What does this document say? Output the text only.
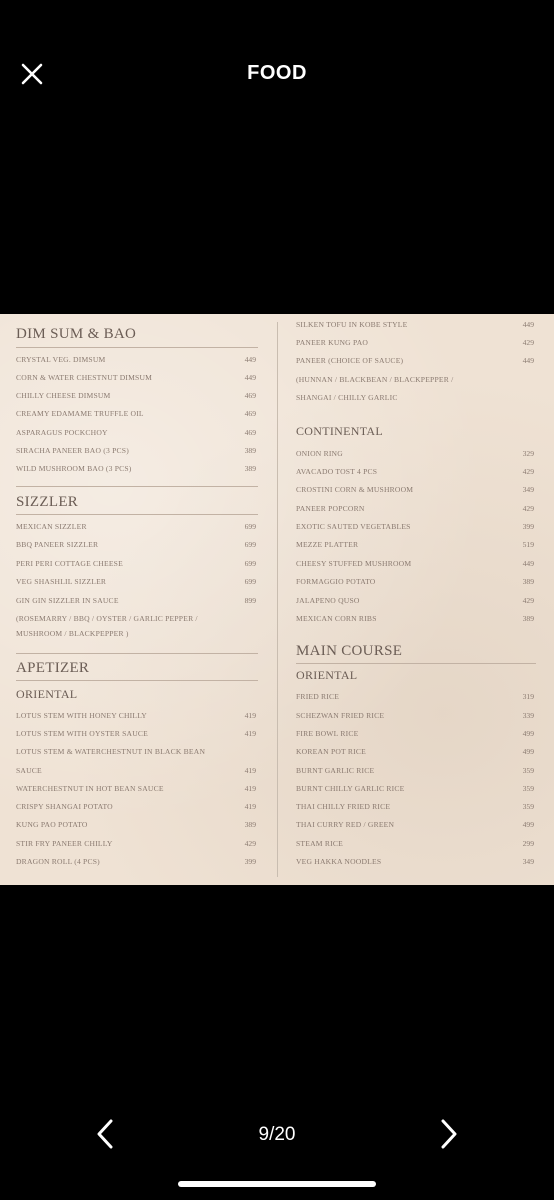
FOOD
DIM SUM & BAO
CRYSTAL VEG. DIMSUM	449
CORN & WATER CHESTNUT DIMSUM	449
CHILLY CHEESE DIMSUM	469
CREAMY EDAMAME TRUFFLE OIL	469
ASPARAGUS POCKCHOY	469
SIRACHA PANEER BAO (3 PCS)	389
WILD MUSHROOM BAO (3 PCS)	389
SIZZLER
MEXICAN SIZZLER	699
BBQ PANEER SIZZLER	699
PERI PERI COTTAGE CHEESE	699
VEG SHASHLIL SIZZLER	699
GIN GIN SIZZLER IN SAUCE	899
(ROSEMARRY / BBQ / OYSTER / GARLIC PEPPER /
MUSHROOM / BLACKPEPPER )
APETIZER
ORIENTAL
LOTUS STEM WITH HONEY CHILLY	419
LOTUS STEM WITH OYSTER SAUCE	419
LOTUS STEM & WATERCHESTNUT IN BLACK BEAN
SAUCE	419
WATERCHESTNUT IN HOT BEAN SAUCE	419
CRISPY SHANGAI POTATO	419
KUNG PAO POTATO	389
STIR FRY PANEER CHILLY	429
DRAGON ROLL (4 PCS)	399
SILKEN TOFU IN KOBE STYLE	449
PANEER KUNG PAO	429
PANEER (CHOICE OF SAUCE)	449
(HUNNAN / BLACKBEAN / BLACKPEPPER /
SHANGAI / CHILLY GARLIC
CONTINENTAL
ONION RING	329
AVACADO TOST 4 PCS	429
CROSTINI CORN & MUSHROOM	349
PANEER POPCORN	429
EXOTIC SAUTED VEGETABLES	399
MEZZE PLATTER	519
CHEESY STUFFED MUSHROOM	449
FORMAGGIO POTATO	389
JALAPENO QUSO	429
MEXICAN CORN RIBS	389
MAIN COURSE
ORIENTAL
FRIED RICE	319
SCHEZWAN FRIED RICE	339
FIRE BOWL RICE	499
KOREAN POT RICE	499
BURNT GARLIC RICE	359
BURNT CHILLY GARLIC RICE	359
THAI CHILLY FRIED RICE	359
THAI CURRY RED / GREEN	499
STEAM RICE	299
VEG HAKKA NOODLES	349
9/20
